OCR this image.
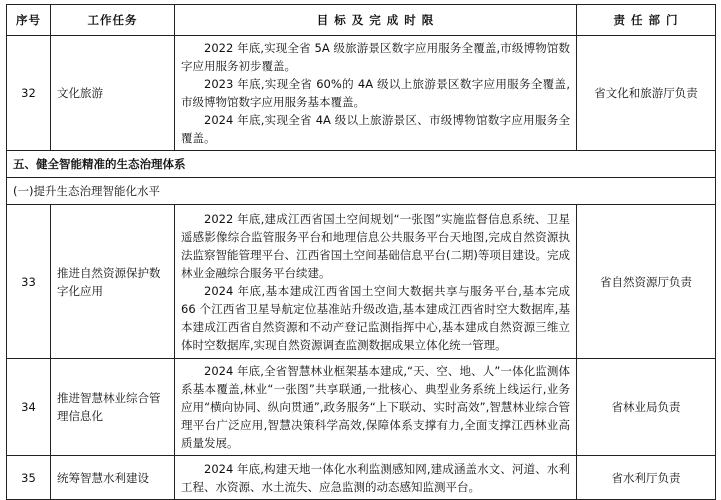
序号	工作任务	目 标 及 完 成 时 限	责 任 部 门
32	文化旅游	2022 年底,实现全省 5A 级旅游景区数字应用服务全覆盖,市级博物馆数字应用服务初步覆盖。
2023 年底,实现全省 60%的 4A 级以上旅游景区数字应用服务全覆盖,市级博物馆数字应用服务基本覆盖。
2024 年底,实现全省 4A 级以上旅游景区、市级博物馆数字应用服务全覆盖。	省文化和旅游厅负责
五、健全智能精准的生态治理体系			
(一)提升生态治理智能化水平			
33	推进自然资源保护数字化应用	2022 年底,建成江西省国土空间规划“一张图”实施监督信息系统、卫星遥感影像综合监管服务平台和地理信息公共服务平台天地图,完成自然资源执法监察智能管理平台、江西省国土空间基础信息平台(二期)等项目建设。完成林业金融综合服务平台续建。
2024 年底,基本建成江西省国土空间大数据共享与服务平台,基本完成 66 个江西省卫星导航定位基准站升级改造,基本建成江西省时空大数据库,基本建成江西省自然资源和不动产登记监测指挥中心,基本建成自然资源三维立体时空数据库,实现自然资源调查监测数据成果立体化统一管理。	省自然资源厅负责
34	推进智慧林业综合管理信息化	2024 年底,全省智慧林业框架基本建成,“天、空、地、人”一体化监测体系基本覆盖,林业“一张图”共享联通,一批核心、典型业务系统上线运行,业务应用“横向协同、纵向贯通”,政务服务“上下联动、实时高效”,智慧林业综合管理平台广泛应用,智慧决策科学高效,保障体系支撑有力,全面支撑江西林业高质量发展。	省林业局负责
35	统筹智慧水利建设	2024 年底,构建天地一体化水利监测感知网,建成涵盖水文、河道、水利工程、水资源、水土流失、应急监测的动态感知监测平台。	省水利厅负责
